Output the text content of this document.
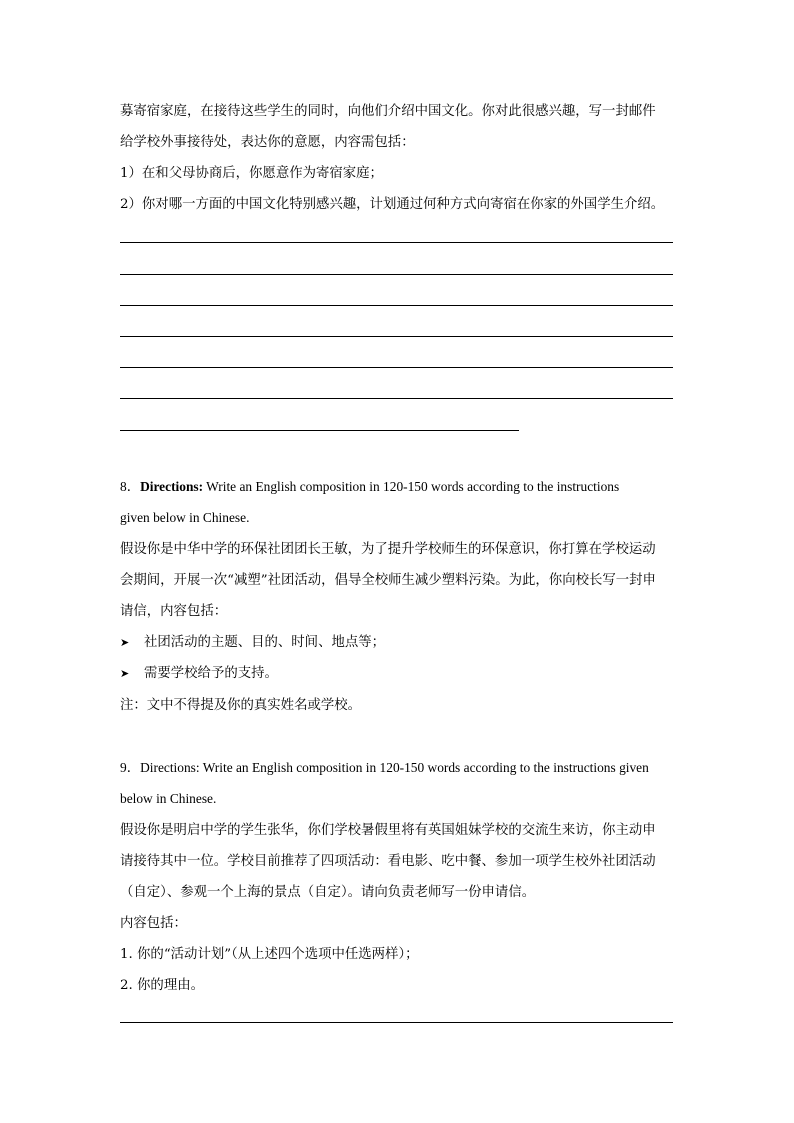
募寄宿家庭，在接待这些学生的同时，向他们介绍中国文化。你对此很感兴趣，写一封邮件
给学校外事接待处，表达你的意愿，内容需包括：
1）在和父母协商后，你愿意作为寄宿家庭；
2）你对哪一方面的中国文化特别感兴趣，计划通过何种方式向寄宿在你家的外国学生介绍。
8．Directions: Write an English composition in 120-150 words according to the instructions
given below in Chinese.
假设你是中华中学的环保社团团长王敏，为了提升学校师生的环保意识，你打算在学校运动
会期间，开展一次“减塑”社团活动，倡导全校师生减少塑料污染。为此，你向校长写一封申
请信，内容包括：
➤ 社团活动的主题、目的、时间、地点等；
➤ 需要学校给予的支持。
注：文中不得提及你的真实姓名或学校。
9．Directions: Write an English composition in 120-150 words according to the instructions given
below in Chinese.
假设你是明启中学的学生张华，你们学校暑假里将有英国姐妹学校的交流生来访，你主动申
请接待其中一位。学校目前推荐了四项活动：看电影、吃中餐、参加一项学生校外社团活动
（自定）、参观一个上海的景点（自定）。请向负责老师写一份申请信。
内容包括：
1. 你的“活动计划”（从上述四个选项中任选两样）；
2. 你的理由。
